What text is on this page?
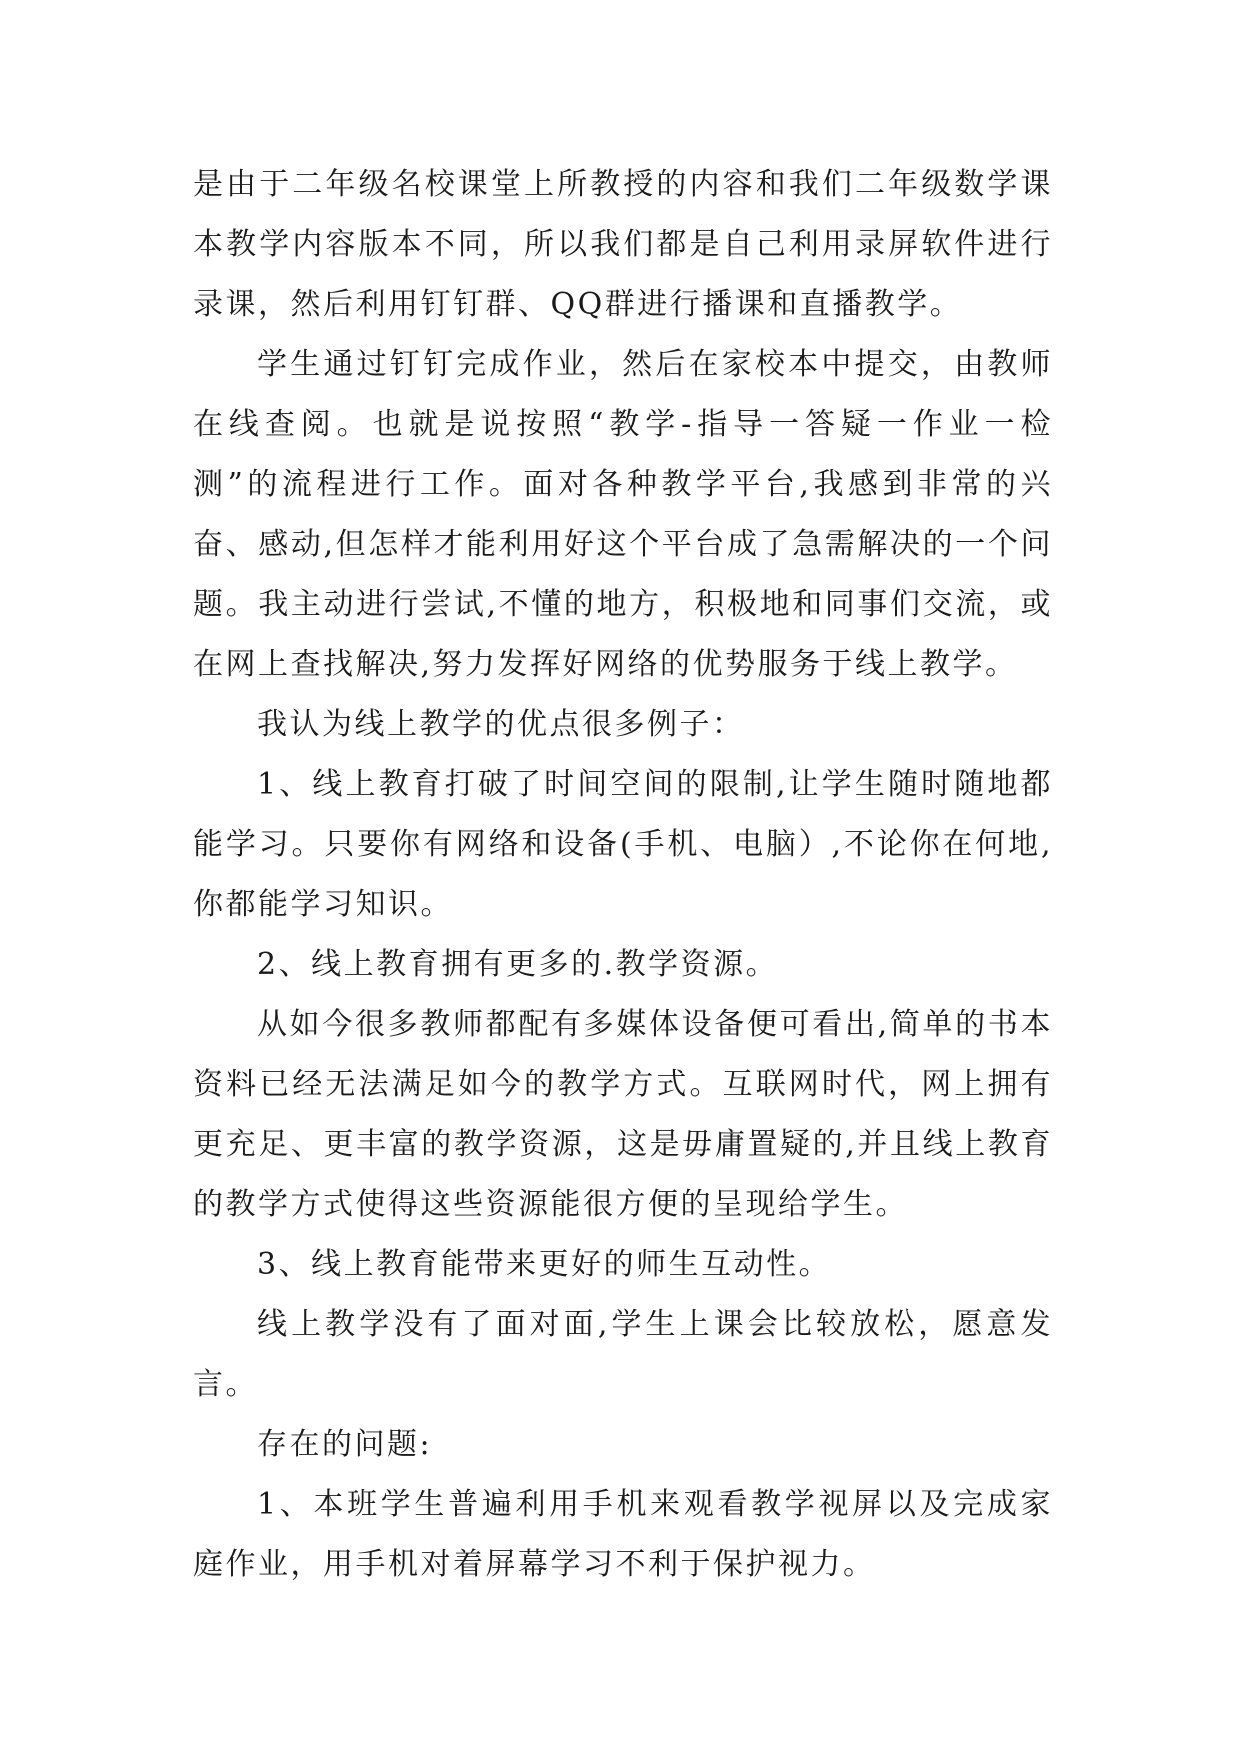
是由于二年级名校课堂上所教授的内容和我们二年级数学课本教学内容版本不同，所以我们都是自己利用录屏软件进行录课，然后利用钉钉群、QQ群进行播课和直播教学。

学生通过钉钉完成作业，然后在家校本中提交，由教师在线查阅。也就是说按照“教学-指导一答疑一作业一检测”的流程进行工作。面对各种教学平台,我感到非常的兴奋、感动,但怎样才能利用好这个平台成了急需解决的一个问题。我主动进行尝试,不懂的地方，积极地和同事们交流，或在网上查找解决,努力发挥好网络的优势服务于线上教学。

我认为线上教学的优点很多例子：

1、线上教育打破了时间空间的限制,让学生随时随地都能学习。只要你有网络和设备(手机、电脑）,不论你在何地,你都能学习知识。

2、线上教育拥有更多的.教学资源。

从如今很多教师都配有多媒体设备便可看出,简单的书本资料已经无法满足如今的教学方式。互联网时代，网上拥有更充足、更丰富的教学资源，这是毋庸置疑的,并且线上教育的教学方式使得这些资源能很方便的呈现给学生。

3、线上教育能带来更好的师生互动性。

线上教学没有了面对面,学生上课会比较放松，愿意发言。

存在的问题:

1、本班学生普遍利用手机来观看教学视屏以及完成家庭作业，用手机对着屏幕学习不利于保护视力。
